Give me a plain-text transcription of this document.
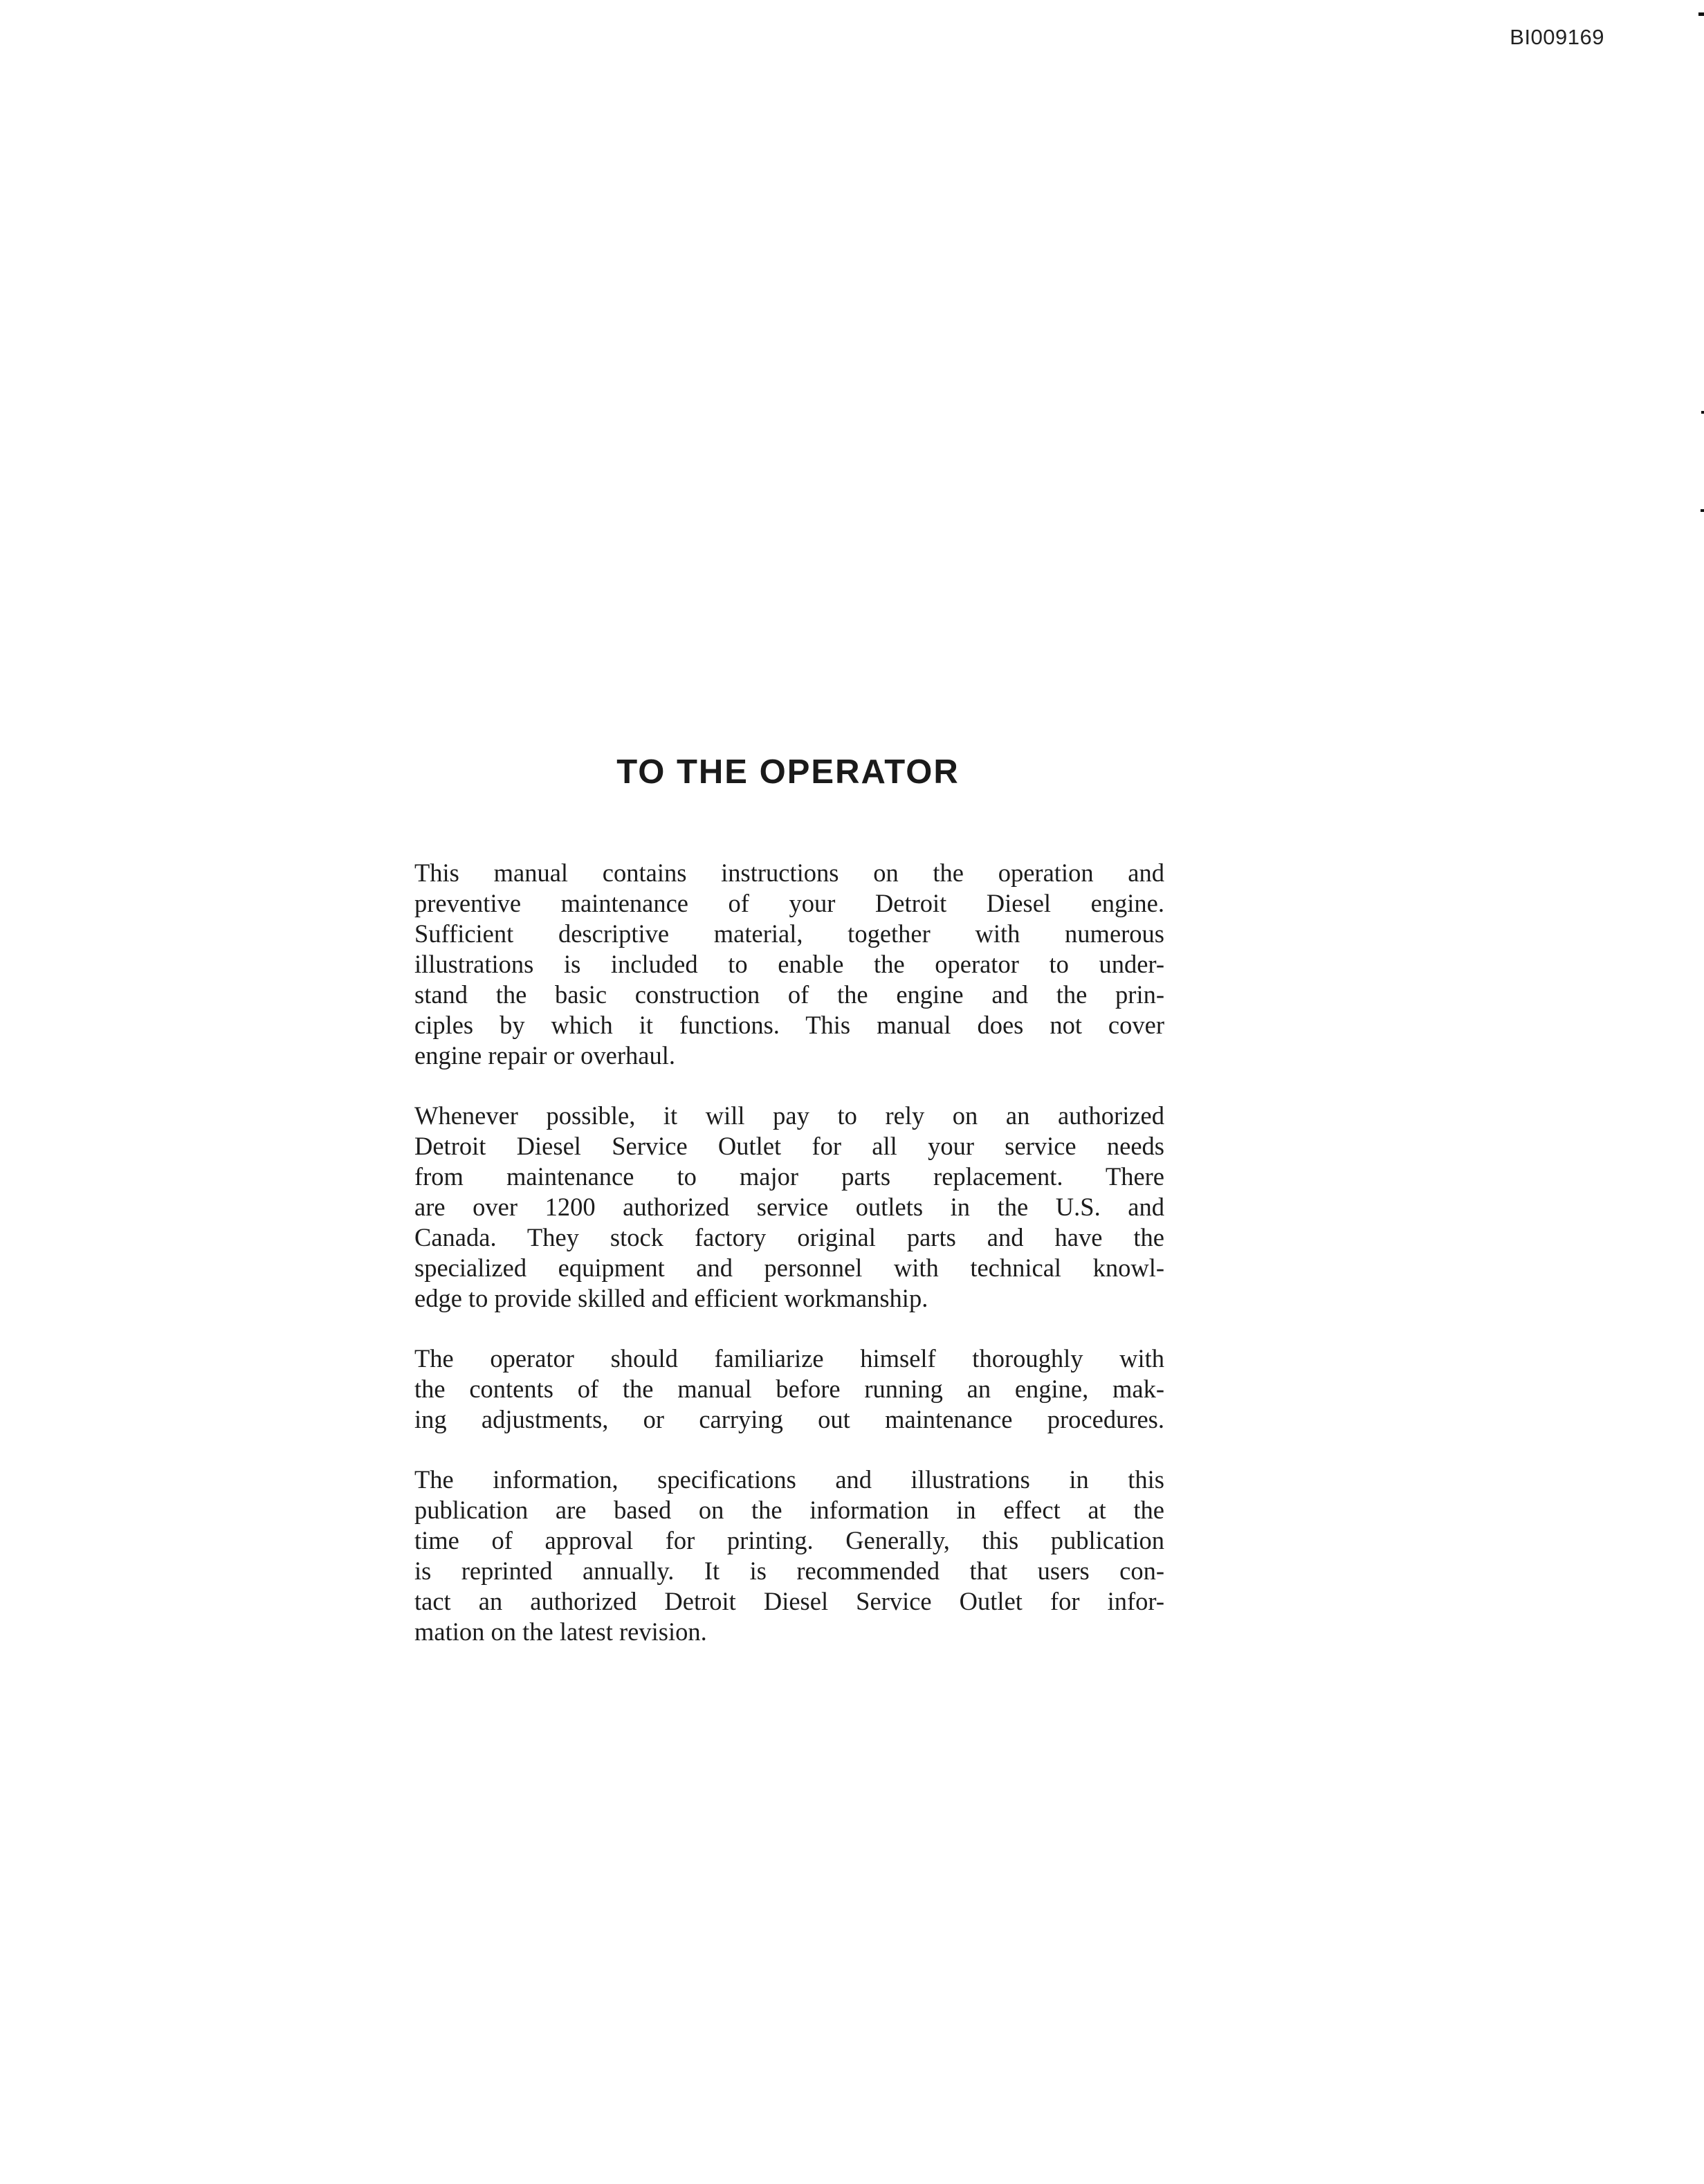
BI009169
TO THE OPERATOR
This manual contains instructions on the operation and
preventive maintenance of your Detroit Diesel engine.
Sufficient descriptive material, together with numerous
illustrations is included to enable the operator to under-
stand the basic construction of the engine and the prin-
ciples by which it functions. This manual does not cover
engine repair or overhaul.
Whenever possible, it will pay to rely on an authorized
Detroit Diesel Service Outlet for all your service needs
from maintenance to major parts replacement. There
are over 1200 authorized service outlets in the U.S. and
Canada. They stock factory original parts and have the
specialized equipment and personnel with technical knowl-
edge to provide skilled and efficient workmanship.
The operator should familiarize himself thoroughly with
the contents of the manual before running an engine, mak-
ing adjustments, or carrying out maintenance procedures.
The information, specifications and illustrations in this
publication are based on the information in effect at the
time of approval for printing. Generally, this publication
is reprinted annually. It is recommended that users con-
tact an authorized Detroit Diesel Service Outlet for infor-
mation on the latest revision.
